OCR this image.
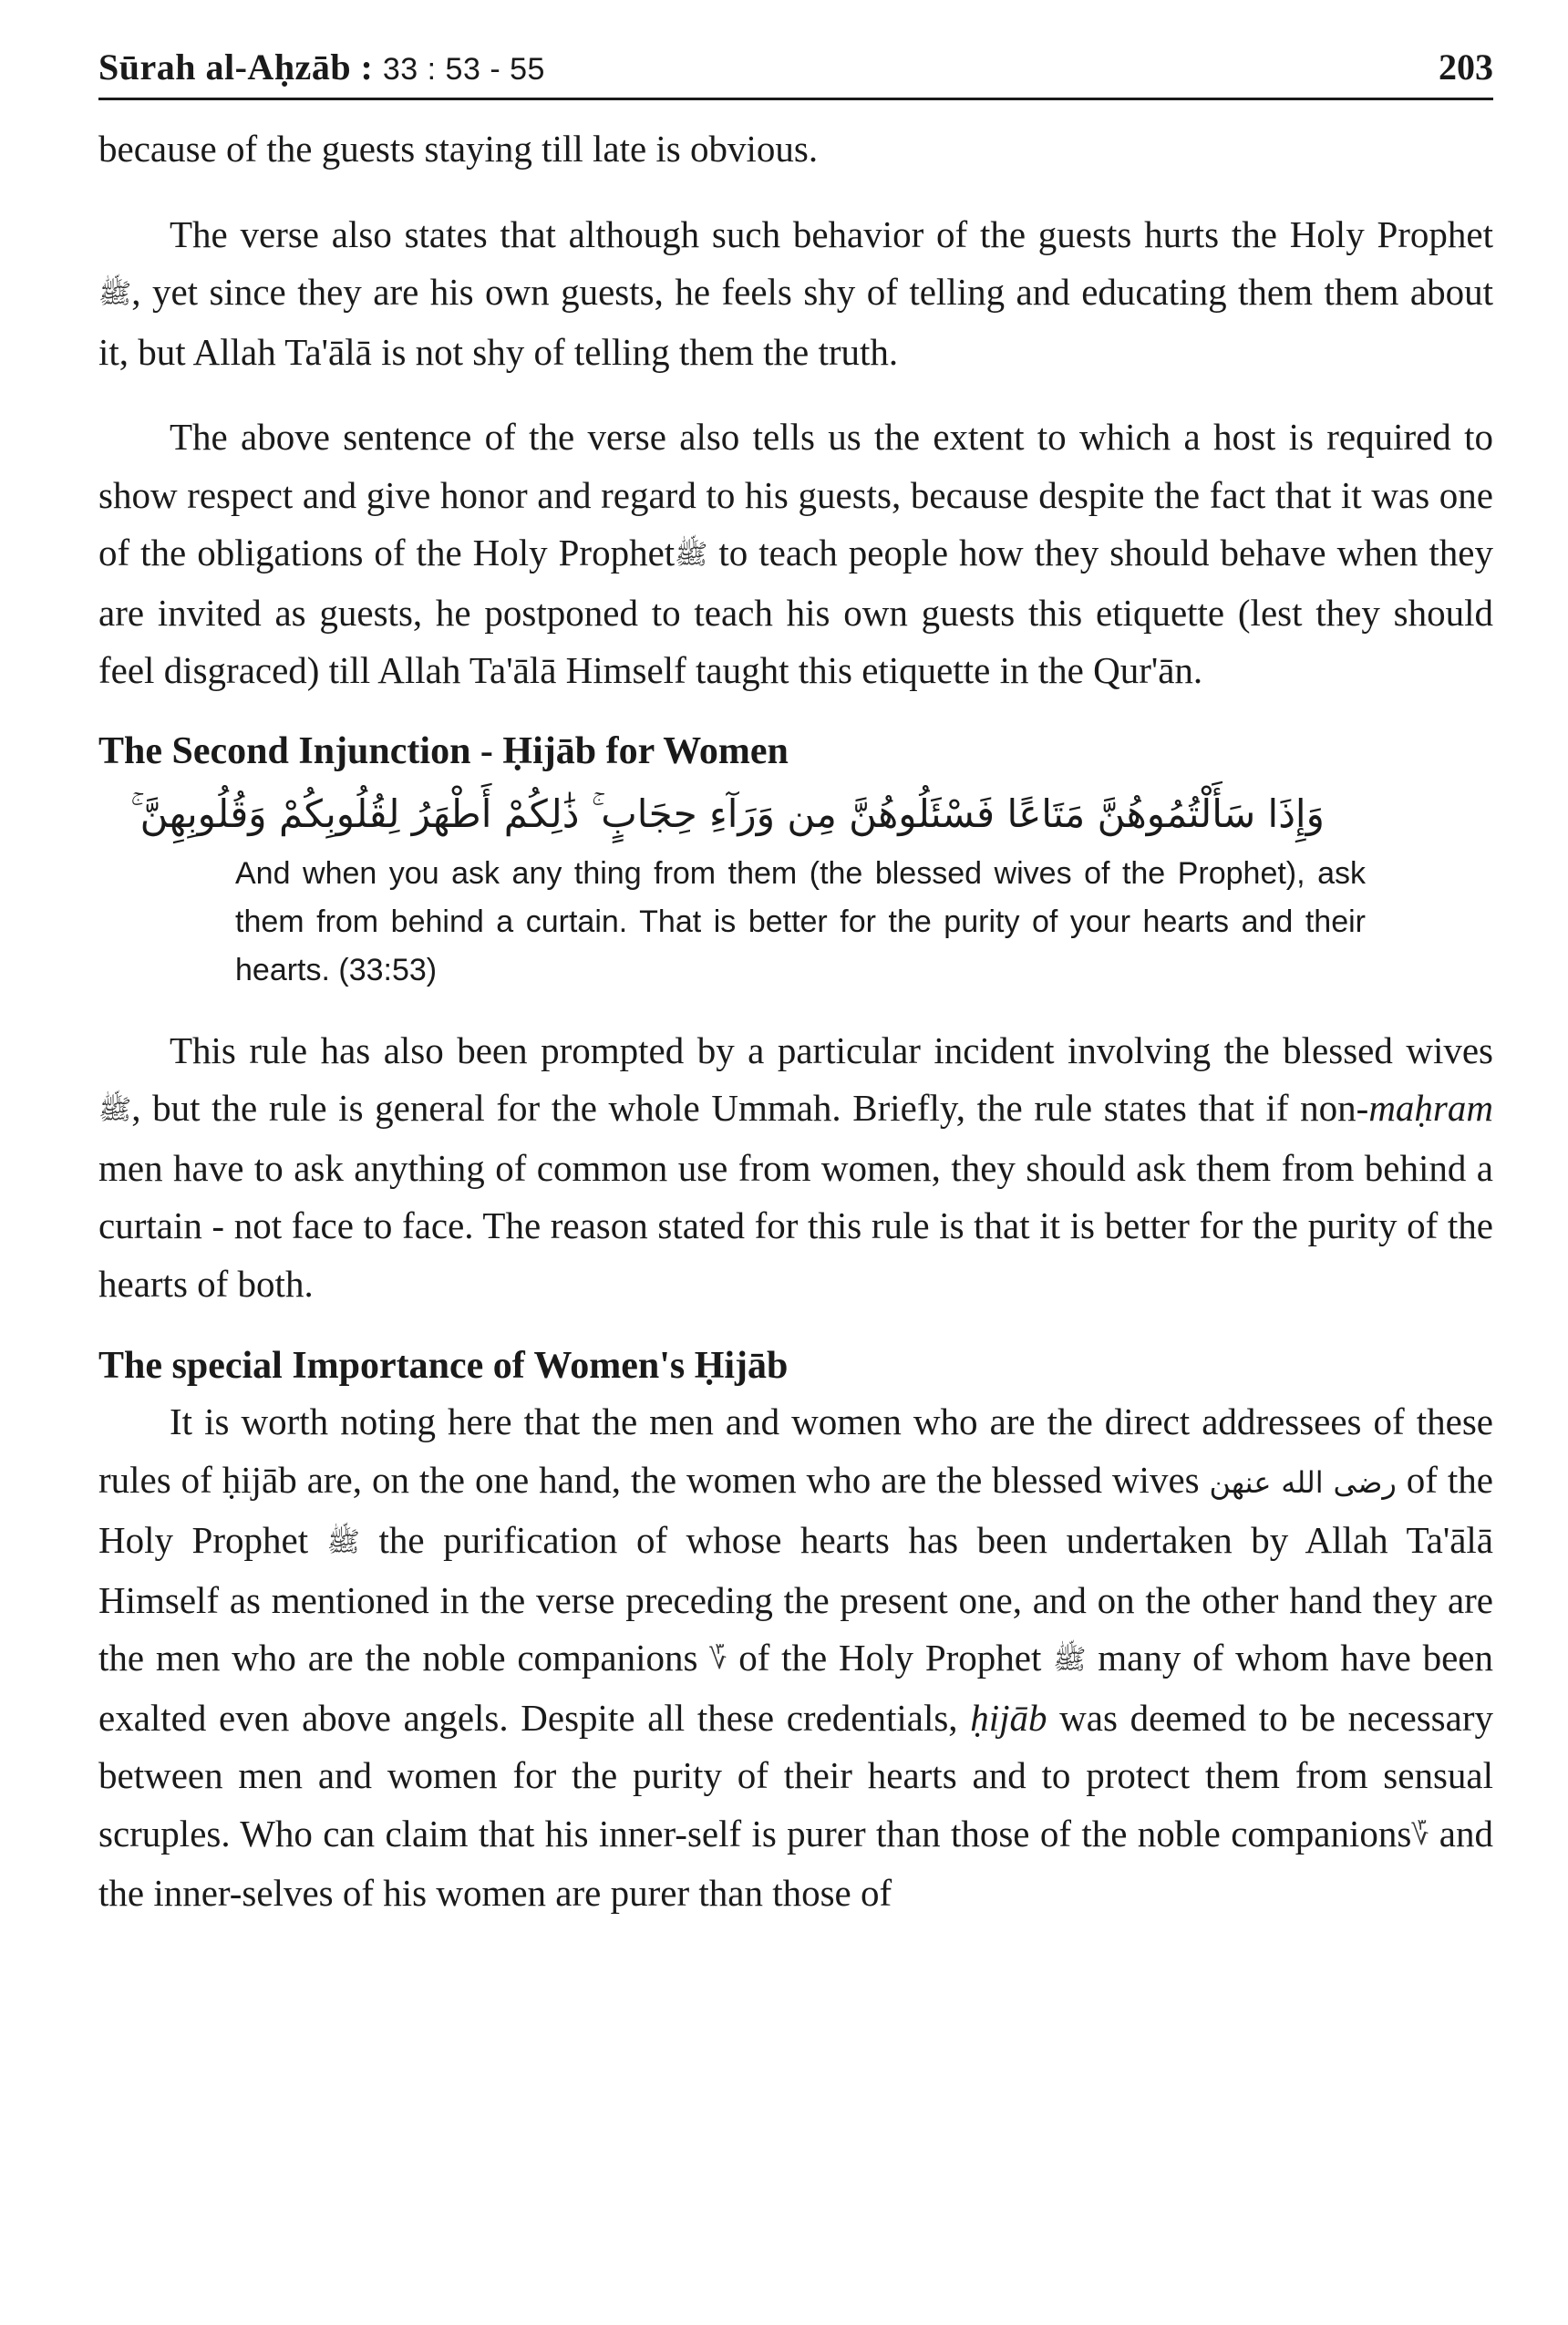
Sūrah al-Aḥzāb : 33 : 53 - 55	203

because of the guests staying till late is obvious.

The verse also states that although such behavior of the guests hurts the Holy Prophet ﷺ, yet since they are his own guests, he feels shy of telling and educating them them about it, but Allah Ta'ālā is not shy of telling them the truth.

The above sentence of the verse also tells us the extent to which a host is required to show respect and give honor and regard to his guests, because despite the fact that it was one of the obligations of the Holy Prophetﷺ to teach people how they should behave when they are invited as guests, he postponed to teach his own guests this etiquette (lest they should feel disgraced) till Allah Ta'ālā Himself taught this etiquette in the Qur'ān.

The Second Injunction - Ḥijāb for Women
وَإِذَا سَأَلْتُمُوهُنَّ مَتَاعًا فَسْئَلُوهُنَّ مِن وَرَآءِ حِجَابٍ ۚ ذَٰلِكُمْ أَطْهَرُ لِقُلُوبِكُمْ وَقُلُوبِهِنَّ ۚ
And when you ask any thing from them (the blessed wives of the Prophet), ask them from behind a curtain. That is better for the purity of your hearts and their hearts. (33:53)

This rule has also been prompted by a particular incident involving the blessed wives ﷺ, but the rule is general for the whole Ummah. Briefly, the rule states that if non-maḥram men have to ask anything of common use from women, they should ask them from behind a curtain - not face to face. The reason stated for this rule is that it is better for the purity of the hearts of both.

The special Importance of Women's Ḥijāb

It is worth noting here that the men and women who are the direct addressees of these rules of ḥijāb are, on the one hand, the women who are the blessed wives رضى الله عنهن of the Holy Prophet ﷺ the purification of whose hearts has been undertaken by Allah Ta'ālā Himself as mentioned in the verse preceding the present one, and on the other hand they are the men who are the noble companions ؆ of the Holy Prophet ﷺ many of whom have been exalted even above angels. Despite all these credentials, ḥijāb was deemed to be necessary between men and women for the purity of their hearts and to protect them from sensual scruples. Who can claim that his inner-self is purer than those of the noble companions؆ and the inner-selves of his women are purer than those of
